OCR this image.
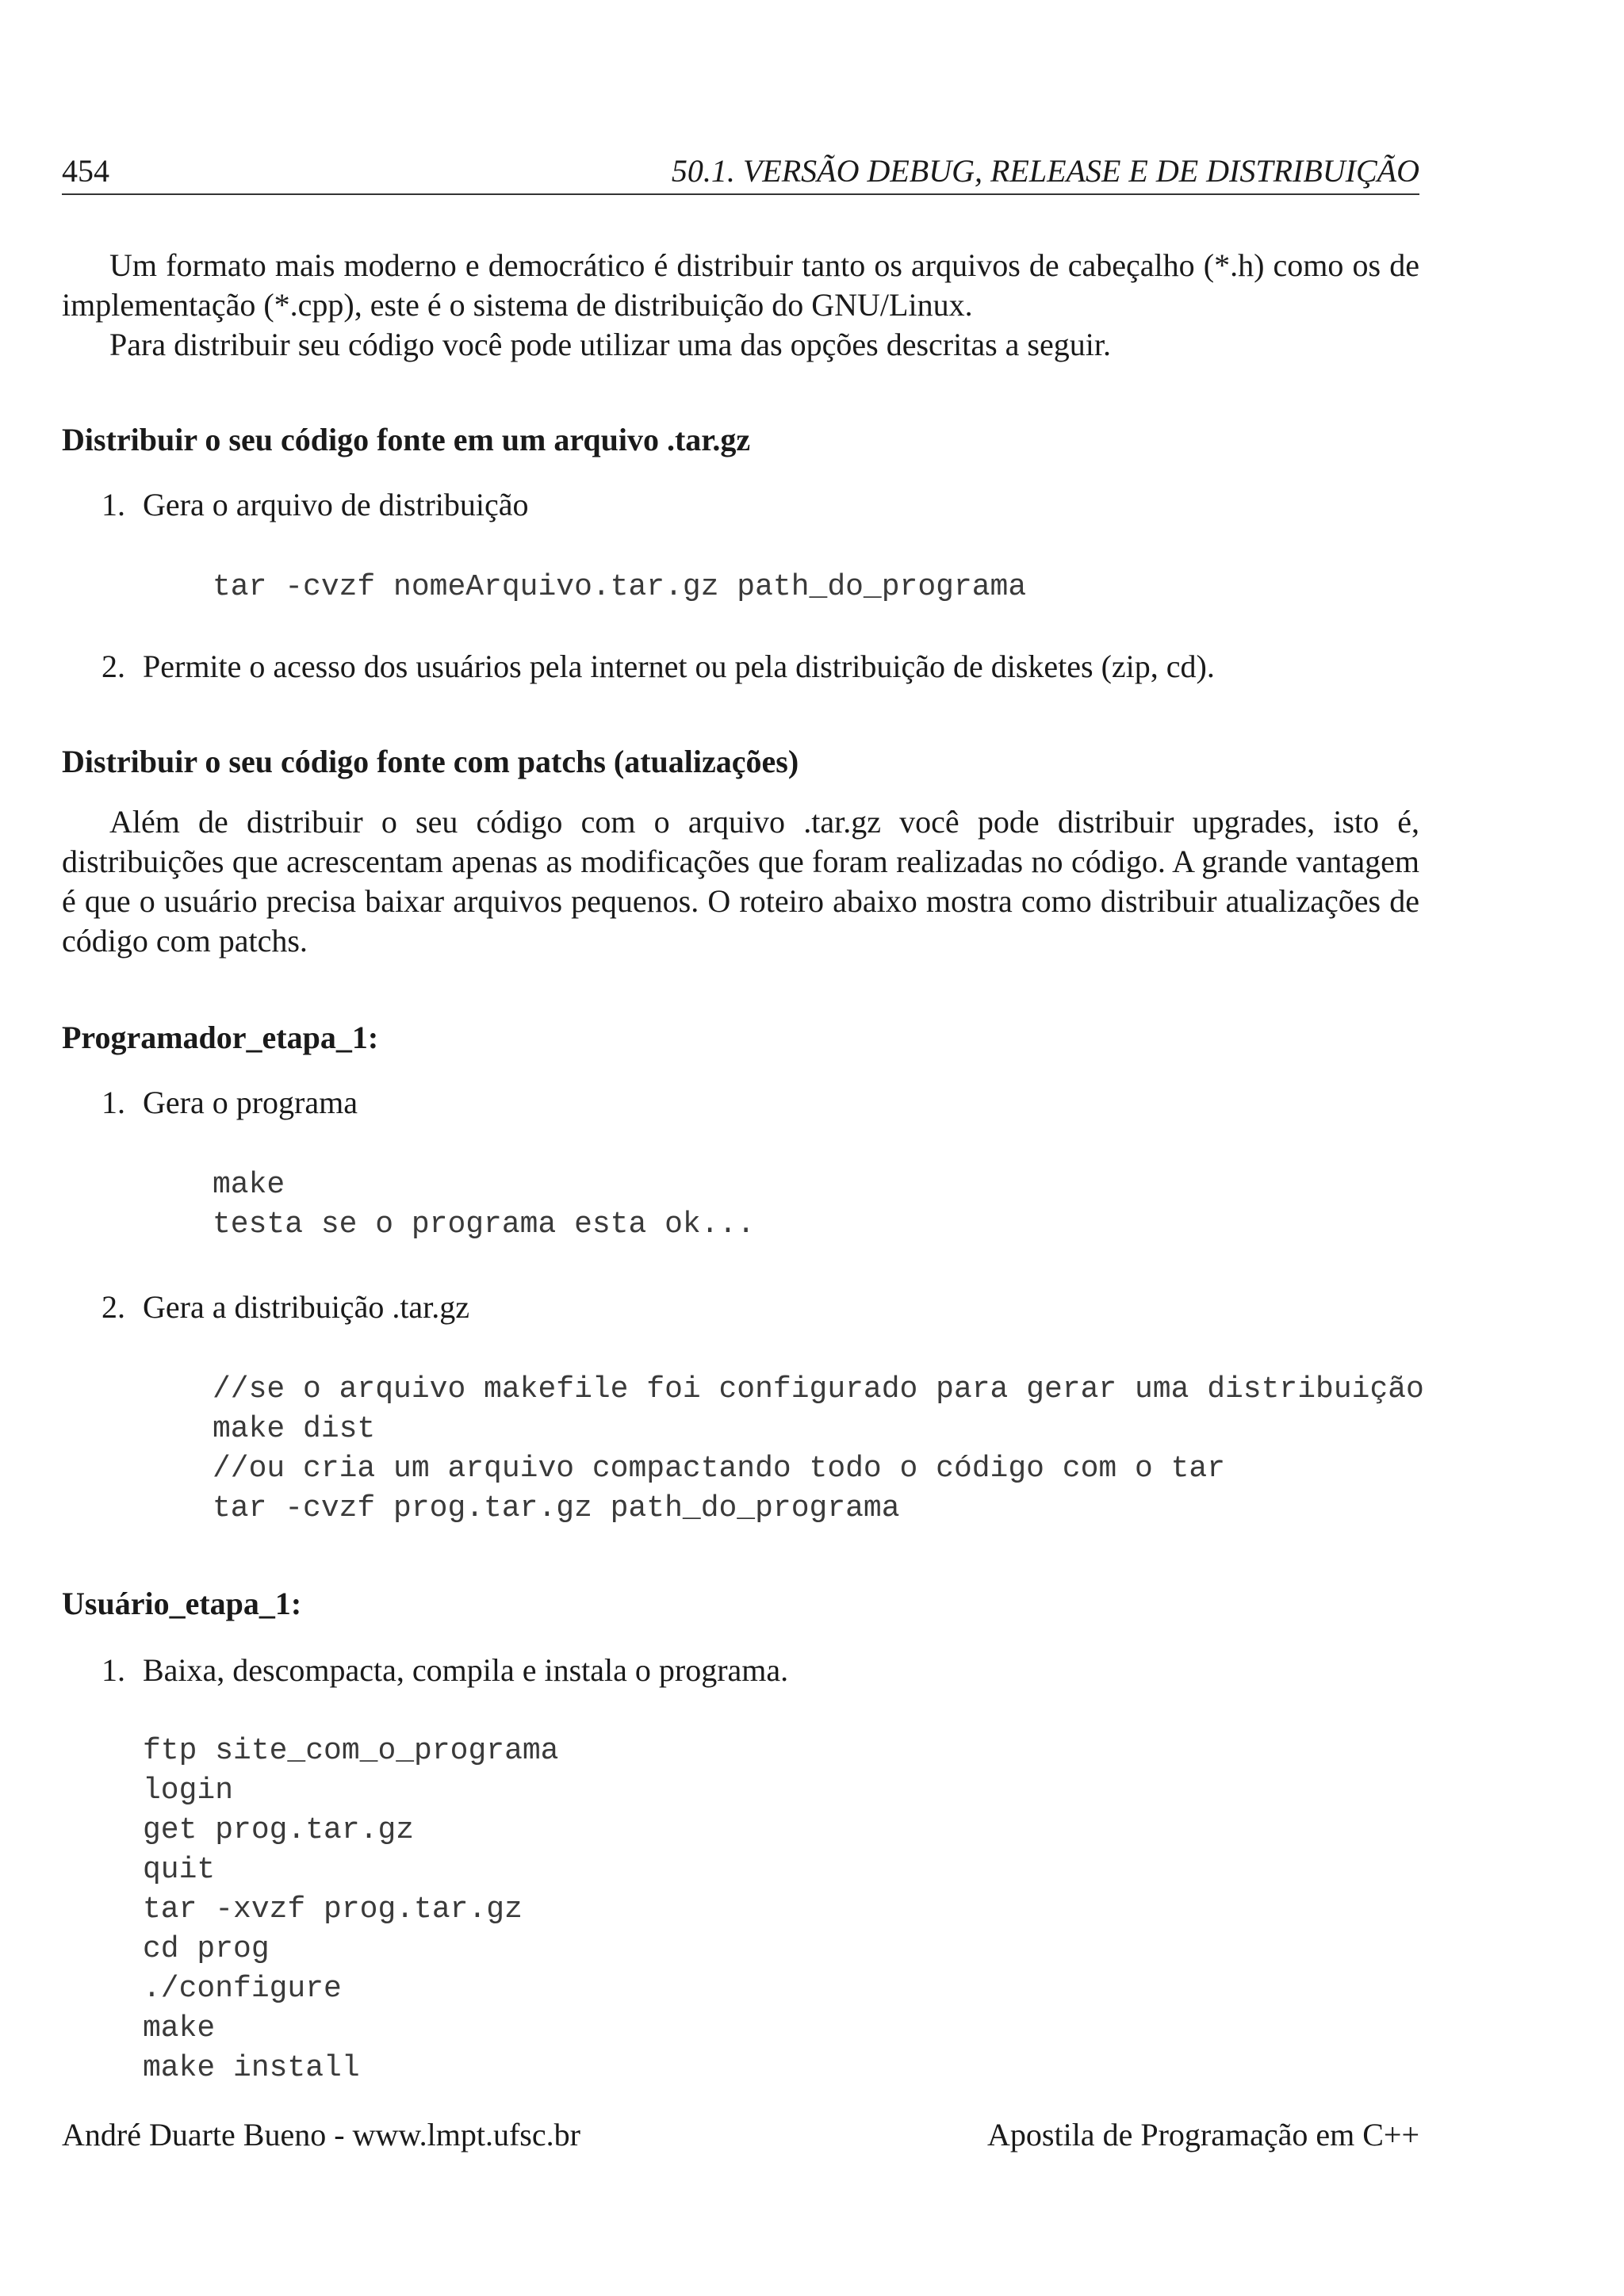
454	50.1. VERSÃO DEBUG, RELEASE E DE DISTRIBUIÇÃO

Um formato mais moderno e democrático é distribuir tanto os arquivos de cabeçalho (*.h) como os de implementação (*.cpp), este é o sistema de distribuição do GNU/Linux.

Para distribuir seu código você pode utilizar uma das opções descritas a seguir.

Distribuir o seu código fonte em um arquivo .tar.gz
1. Gera o arquivo de distribuição
tar -cvzf nomeArquivo.tar.gz path_do_programa
2. Permite o acesso dos usuários pela internet ou pela distribuição de disketes (zip, cd).
Distribuir o seu código fonte com patchs (atualizações)

Além de distribuir o seu código com o arquivo .tar.gz você pode distribuir upgrades, isto é, distribuições que acrescentam apenas as modificações que foram realizadas no código. A grande vantagem é que o usuário precisa baixar arquivos pequenos. O roteiro abaixo mostra como distribuir atualizações de código com patchs.

Programador_etapa_1:
1. Gera o programa
make
testa se o programa esta ok...
2. Gera a distribuição .tar.gz
//se o arquivo makefile foi configurado para gerar uma distribuição
make dist
//ou cria um arquivo compactando todo o código com o tar
tar -cvzf prog.tar.gz path_do_programa
Usuário_etapa_1:
1. Baixa, descompacta, compila e instala o programa.
ftp site_com_o_programa
login
get prog.tar.gz
quit
tar -xvzf prog.tar.gz
cd prog
./configure
make
make install
André Duarte Bueno - www.lmpt.ufsc.br	Apostila de Programação em C++
